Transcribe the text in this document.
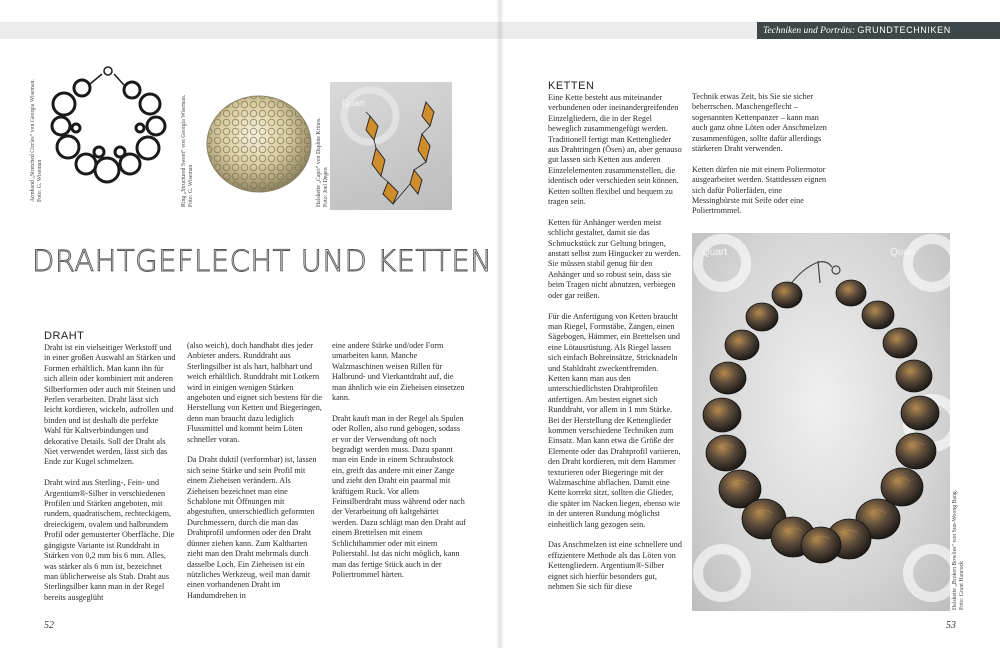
Armband „Stretched Circles“ von Georgia Wiseman.
Foto: G. Wiseman	Ring „Structured Sweet“ von Georgia Wiseman.
Foto: G. Wiseman
Quart
Halskette „Capri“ von Daphne Krinos.
Foto: Joel Degen
DRAHTGEFLECHT UND KETTEN
DRAHT

Draht ist ein vielseitiger Werkstoff und in einer großen Auswahl an Stärken und Formen erhältlich. Man kann ihn für sich allein oder kombiniert mit anderen Silberformen oder auch mit Steinen und Perlen verarbeiten. Draht lässt sich leicht kordieren, wickeln, aufrollen und binden und ist deshalb die perfekte Wahl für Kaltverbindungen und dekorative Details. Soll der Draht als Niet verwendet werden, lässt sich das Ende zur Kugel schmelzen.

Draht wird aus Sterling-, Fein- und Argentium®-Silber in verschiedenen Profilen und Stärken angeboten, mit rundem, quadratischem, rechteckigem, dreieckigem, ovalem und halbrundem Profil oder gemusterter Oberfläche. Die gängigste Variante ist Runddraht in Stärken von 0,2 mm bis 6 mm. Alles, was stärker als 6 mm ist, bezeichnet man üblicherweise als Stab. Draht aus Sterlingsilber kann man in der Regel bereits ausgeglüht

(also weich), doch handhabt dies jeder Anbieter anders. Runddraht aus Sterlingsilber ist als hart, halbhart und weich erhältlich. Runddraht mit Lotkern wird in einigen wenigen Stärken angeboten und eignet sich bestens für die Herstellung von Ketten und Biegeringen, denn man braucht dazu lediglich Flussmittel und kommt beim Löten schneller voran.

Da Draht duktil (verformbar) ist, lassen sich seine Stärke und sein Profil mit einem Zieheisen verändern. Als Zieheisen bezeichnet man eine Schablone mit Öffnungen mit abgestuften, unterschiedlich geformten Durchmessern, durch die man das Drahtprofil umformen oder den Draht dünner ziehen kann. Zum Kaltharten zieht man den Draht mehrmals durch dasselbe Loch. Ein Zieheisen ist ein nützliches Werkzeug, weil man damit einen vorhandenen Draht im Handumdrehen in

eine andere Stärke und/oder Form umarbeiten kann. Manche Walzmaschinen weisen Rillen für Halbrund- und Vierkantdraht auf, die man ähnlich wie ein Zieheisen einsetzen kann.

Draht kauft man in der Regel als Spulen oder Rollen, also rund gebogen, sodass er vor der Verwendung oft noch begradigt werden muss. Dazu spannt man ein Ende in einem Schraubstock ein, greift das andere mit einer Zange und zieht den Draht ein paarmal mit kräftigem Ruck. Vor allem Feinsilberdraht muss während oder nach der Verarbeitung oft kaltgehärtet werden. Dazu schlägt man den Draht auf einem Brettelsen mit einem Schlichthammer oder mit einem Polierstahl. Ist das nicht möglich, kann man das fertige Stück auch in der Poliertrommel härten.

52
Techniken und Porträts: GRUNDTECHNIKEN
KETTEN

Eine Kette besteht aus miteinander verbundenen oder ineinandergreifenden Einzelgliedern, die in der Regel beweglich zusammengefügt werden. Traditionell fertigt man Kettenglieder aus Drahtringen (Ösen) an, aber genauso gut lassen sich Ketten aus anderen Einzelelementen zusammenstellen, die identisch oder verschieden sein können. Ketten sollten flexibel und bequem zu tragen sein.

Ketten für Anhänger werden meist schlicht gestaltet, damit sie das Schmuckstück zur Geltung bringen, anstatt selbst zum Hingucker zu werden. Sie müssen stabil genug für den Anhänger und so robust sein, dass sie beim Tragen nicht abnutzen, verbiegen oder gar reißen.

Für die Anfertigung von Ketten braucht man Riegel, Formstäbe, Zangen, einen Sägebogen, Hämmer, ein Brettelsen und eine Lötausrüstung. Als Riegel lassen sich einfach Bohreinsätze, Stricknadeln und Stahldraht zweckentfremden. Ketten kann man aus den unterschiedlichsten Drahtprofilen anfertigen. Am besten eignet sich Runddraht, vor allem in 1 mm Stärke. Bei der Herstellung der Kettenglieder kommen verschiedene Techniken zum Einsatz. Man kann etwa die Größe der Elemente oder das Drahtprofil variieren, den Draht kordieren, mit dem Hammer texturieren oder Biegeringe mit der Walzmaschine abflachen. Damit eine Kette korrekt sitzt, sollten die Glieder, die später im Nacken liegen, ebenso wie in der unteren Rundung möglichst einheitlich lang gezogen sein.

Das Anschmelzen ist eine schnellere und effizientere Methode als das Löten von Kettengliedern. Argentium®-Silber eignet sich hierfür besonders gut, nehmen Sie sich für diese

Technik etwas Zeit, bis Sie sie sicher beherrschen. Maschengeflecht – sogenannten Kettenpanzer – kann man auch ganz ohne Löten oder Anschmelzen zusammenfügen, sollte dafür allerdings stärkeren Draht verwenden.

Ketten dürfen nie mit einem Poliermotor ausgearbeitet werden. Stattdessen eignen sich dafür Polierfäden, eine Messingbürste mit Seife oder eine Poliertrommel.

Quart	Quart
Halskette „Broken Bowlies“ von Sun-Woong Bang.
Foto: Grant Hancock
53
